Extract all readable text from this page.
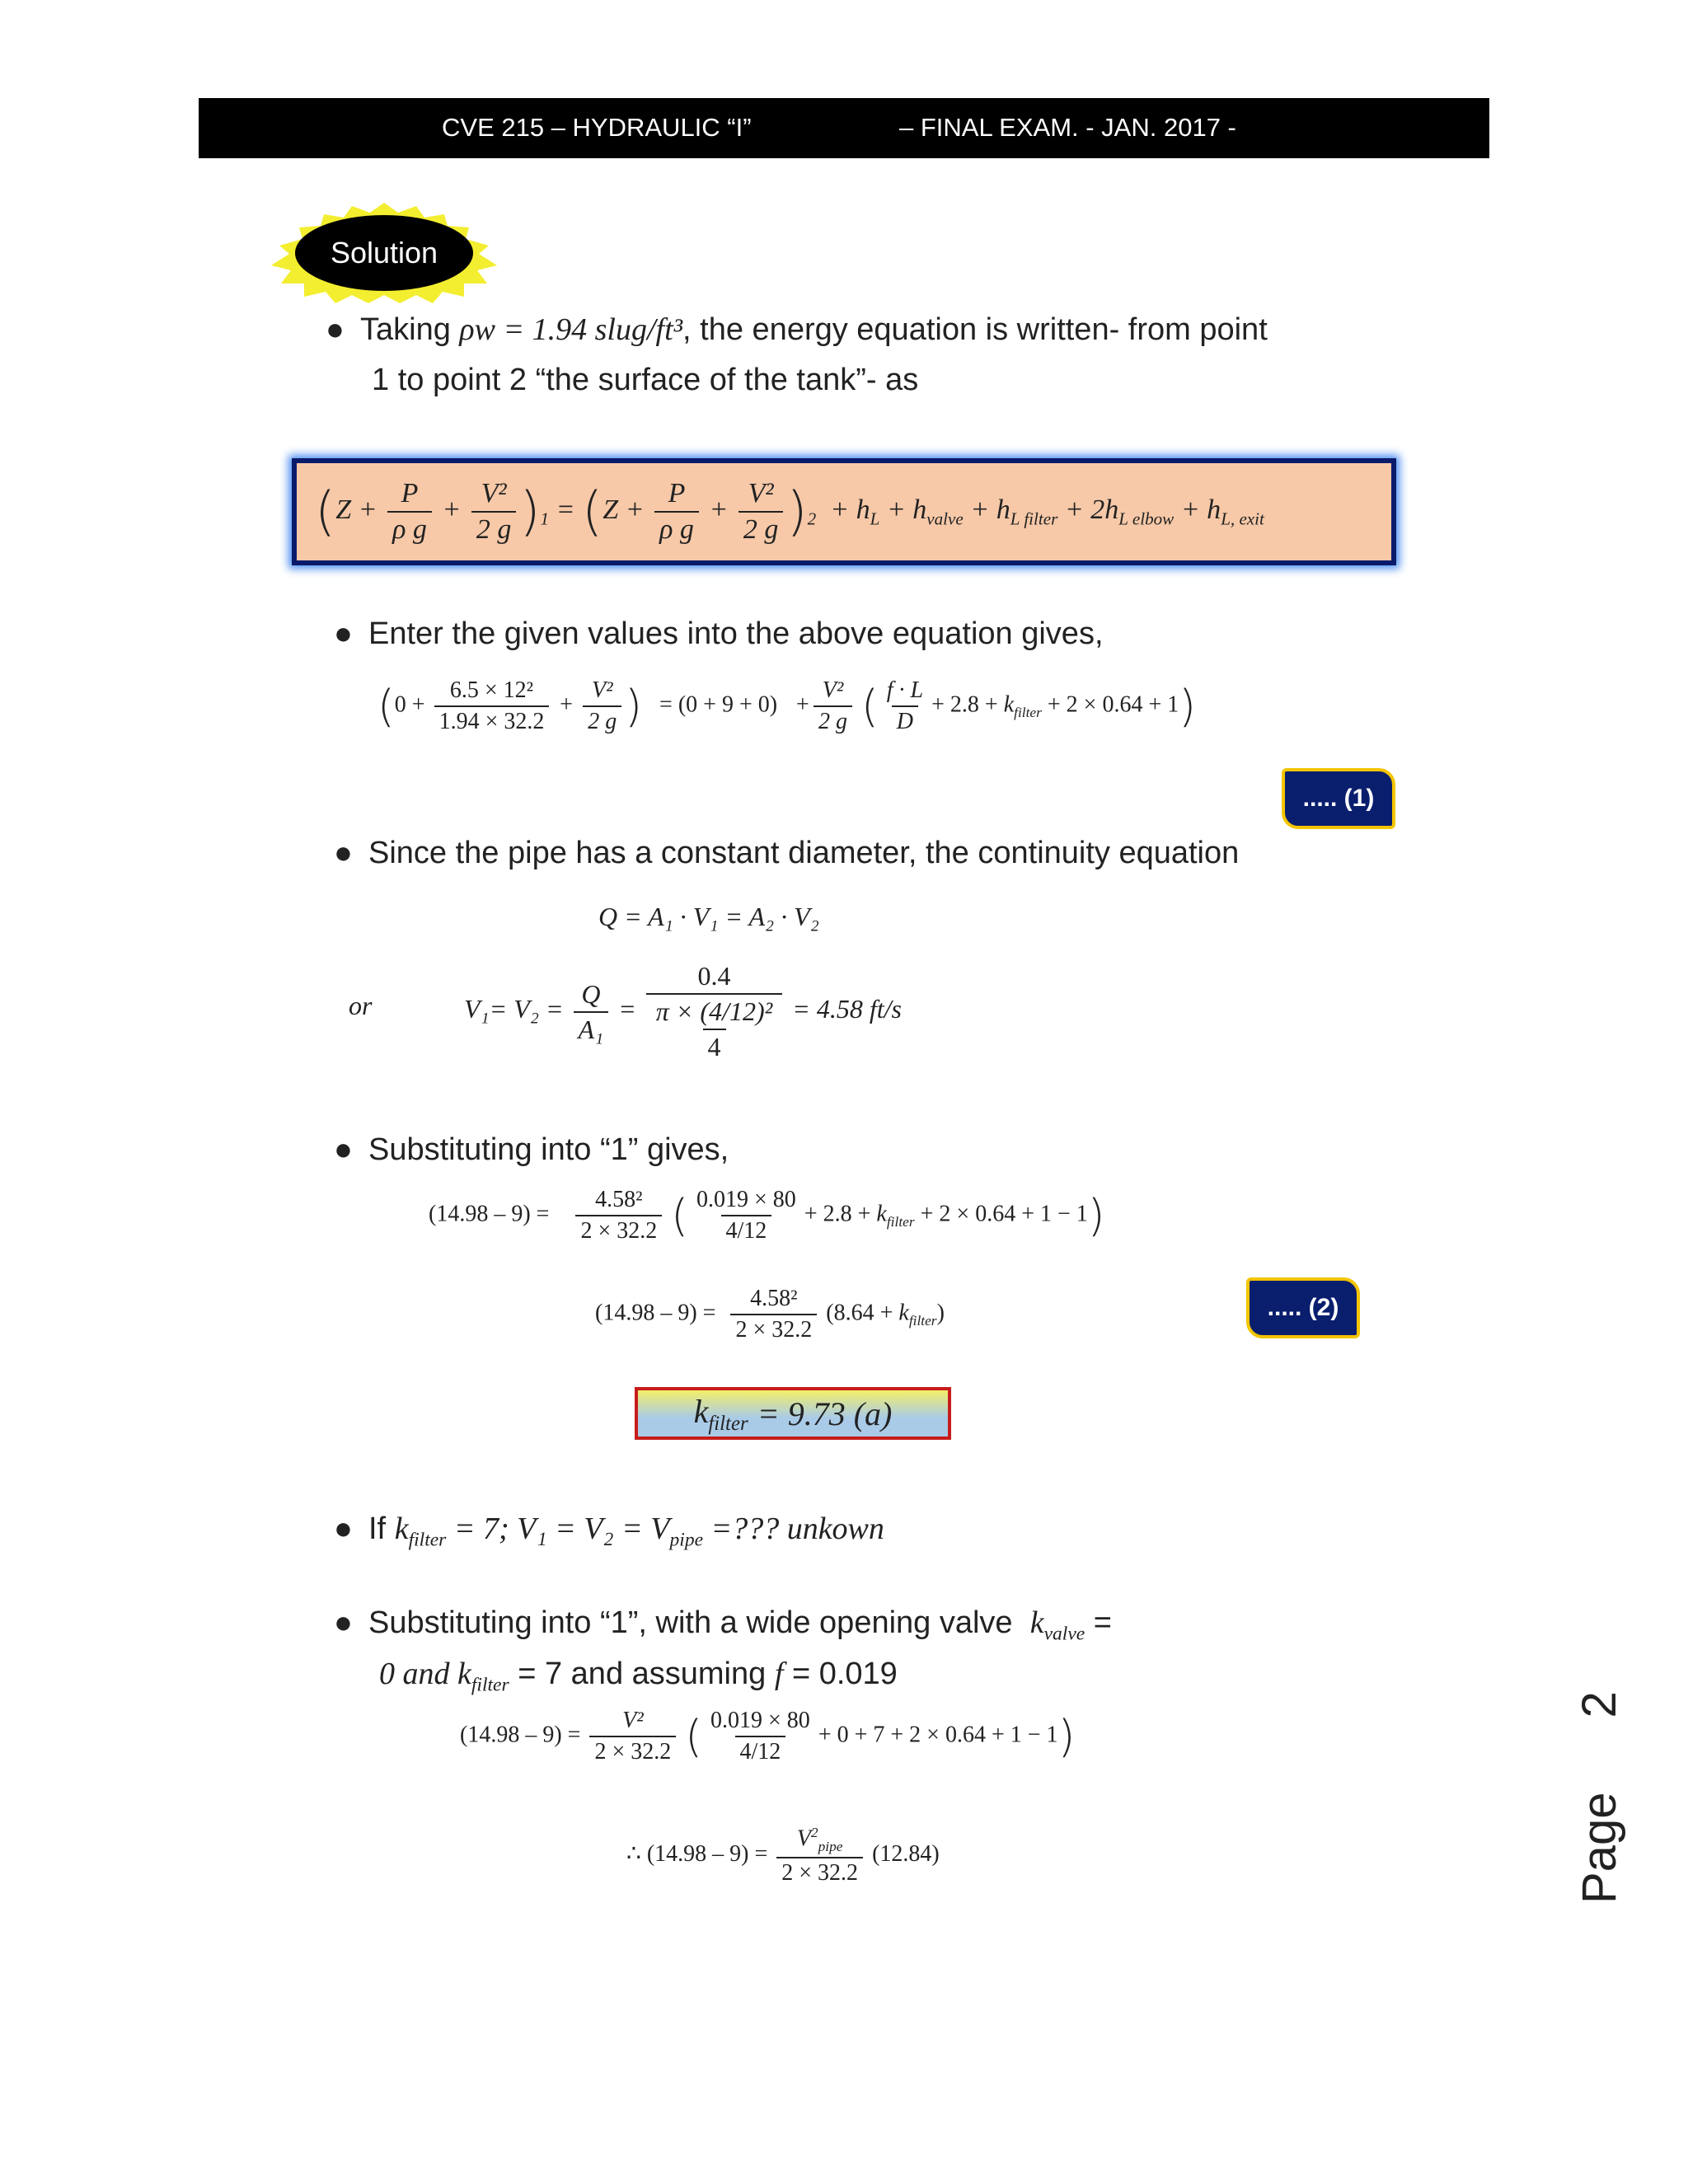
CVE 215 – HYDRAULIC “I”	– FINAL EXAM. - JAN. 2017 -
Solution
● Taking ρw = 1.94 slug/ft³, the energy equation is written- from point
1 to point 2 “the surface of the tank”- as
$(Z + \frac{P}{\text{ρ g}} + \frac{\text{V²}}{2 g} )_1 = (Z + \frac{P}{\text{ρ g}} + \frac{\text{V²}}{2 g} )_2 + h_L + h_{valve} + h_{L filter} + 2h_{L elbow} + h_{L, exit}$
● Enter the given values into the above equation gives,
($0 + \frac{\text{6.5 × 12²}}{1.94 \times 32.2} + \frac{\text{V²}}{2 g}$ ) = $(0 + 9 + 0) + \frac{\text{V²}}{2 g}$ ( $\frac{f \cdot L}{D} + 2.8 + k_{filter} + 2 \times 0.64 + 1$)
..... (1)
● Since the pipe has a constant diameter, the continuity equation
Q = A₁ · V₁ = A₂ · V₂
or	$V_1= V_2 = \frac{Q}{\text{A₁}} = \frac{0.4}{\frac{\text{π × (4/12)²}}{4}} = 4.58$ ft/s
● Substituting into “1” gives,
$(14.98 - 9) = \frac{\text{4.58²}}{2 \times 32.2}$ ( $\frac{0.019 \times 80}{4/12} + 2.8 + k_{filter} + 2 \times 0.64 + 1 - 1$)
$(14.98 - 9) = \frac{\text{4.58²}}{2 \times 32.2} (8.64 + k_{filter})$	..... (2)
$k_{filter}$
= 9.73 (a)
● If $k_{filter} = 7$; $V_1 = V_2 = V_{pipe}$ =??? unkown
● Substituting into “1”, with a wide opening valve $k_{valve}$ =
0 and $k_{filter} = 7$ and assuming f = 0.019
$(14.98 - 9) = \frac{\text{V²}}{2 \times 32.2}$ ( $\frac{0.019 \times 80}{4/12} + 0 + 7 + 2 \times 0.64 + 1 - 1$)
∴ $(14.98 - 9) = \frac{V^2_{pipe}}{2 \times 32.2} (12.84)$	Page
2
